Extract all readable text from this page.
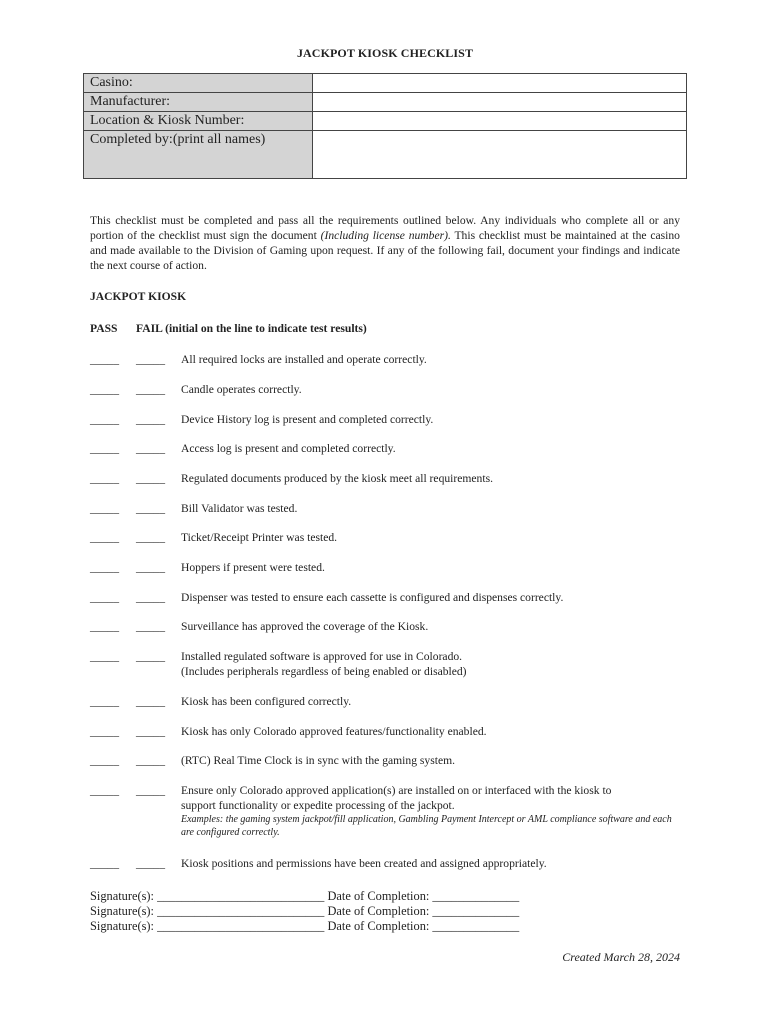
JACKPOT KIOSK CHECKLIST
Casino:	
Manufacturer:	
Location & Kiosk Number:	
Completed by:(print all names)	
This checklist must be completed and pass all the requirements outlined below. Any individuals who complete all or any portion of the checklist must sign the document (Including license number). This checklist must be maintained at the casino and made available to the Division of Gaming upon request. If any of the following fail, document your findings and indicate the next course of action.
JACKPOT KIOSK
PASS FAIL (initial on the line to indicate test results)
_____ _____ All required locks are installed and operate correctly.
_____ _____ Candle operates correctly.
_____ _____ Device History log is present and completed correctly.
_____ _____ Access log is present and completed correctly.
_____ _____ Regulated documents produced by the kiosk meet all requirements.
_____ _____ Bill Validator was tested.
_____ _____ Ticket/Receipt Printer was tested.
_____ _____ Hoppers if present were tested.
_____ _____ Dispenser was tested to ensure each cassette is configured and dispenses correctly.
_____ _____ Surveillance has approved the coverage of the Kiosk.
_____ _____ Installed regulated software is approved for use in Colorado.
(Includes peripherals regardless of being enabled or disabled)
_____ _____ Kiosk has been configured correctly.
_____ _____ Kiosk has only Colorado approved features/functionality enabled.
_____ _____ (RTC) Real Time Clock is in sync with the gaming system.
_____ _____ Ensure only Colorado approved application(s) are installed on or interfaced with the kiosk to
support functionality or expedite processing of the jackpot.
Examples: the gaming system jackpot/fill application, Gambling Payment Intercept or AML compliance software and each are configured correctly.
_____ _____ Kiosk positions and permissions have been created and assigned appropriately.
Signature(s): ___________________________ Date of Completion: ______________
Signature(s): ___________________________ Date of Completion: ______________
Signature(s): ___________________________ Date of Completion: ______________
Created March 28, 2024
